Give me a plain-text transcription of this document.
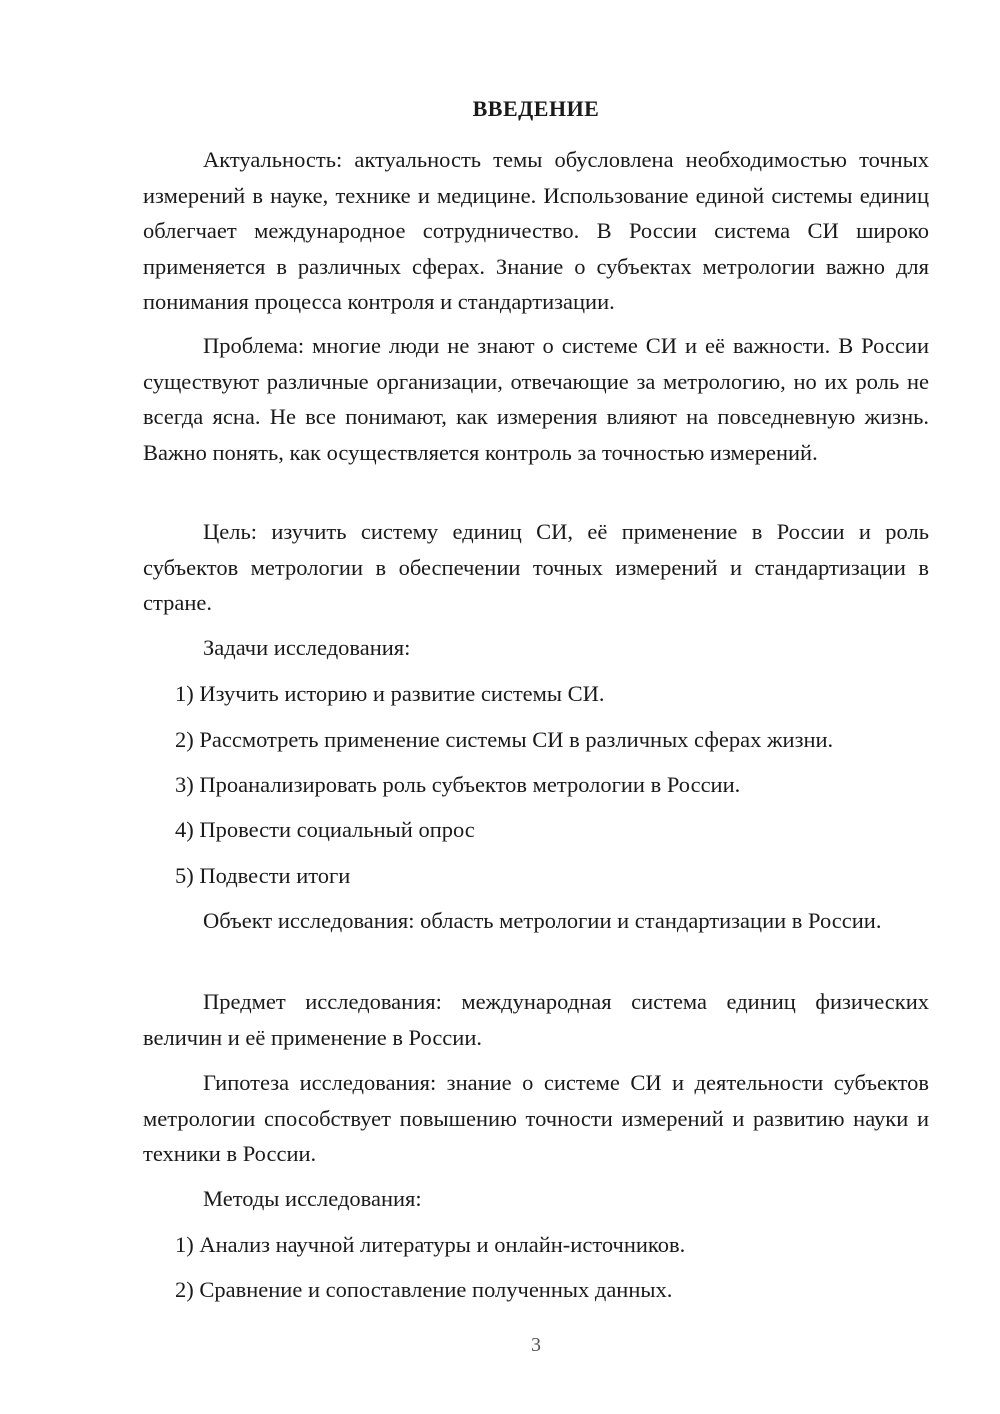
ВВЕДЕНИЕ
Актуальность: актуальность темы обусловлена необходимостью точных измерений в науке, технике и медицине. Использование единой системы единиц облегчает международное сотрудничество. В России система СИ широко применяется в различных сферах. Знание о субъектах метрологии важно для понимания процесса контроля и стандартизации.
Проблема: многие люди не знают о системе СИ и её важности. В России существуют различные организации, отвечающие за метрологию, но их роль не всегда ясна. Не все понимают, как измерения влияют на повседневную жизнь. Важно понять, как осуществляется контроль за точностью измерений.
Цель: изучить систему единиц СИ, её применение в России и роль субъектов метрологии в обеспечении точных измерений и стандартизации в стране.
Задачи исследования:
1) Изучить историю и развитие системы СИ.
2) Рассмотреть применение системы СИ в различных сферах жизни.
3) Проанализировать роль субъектов метрологии в России.
4) Провести социальный опрос
5) Подвести итоги
Объект исследования: область метрологии и стандартизации в России.
Предмет исследования: международная система единиц физических величин и её применение в России.
Гипотеза исследования: знание о системе СИ и деятельности субъектов метрологии способствует повышению точности измерений и развитию науки и техники в России.
Методы исследования:
1) Анализ научной литературы и онлайн-источников.
2) Сравнение и сопоставление полученных данных.
3
